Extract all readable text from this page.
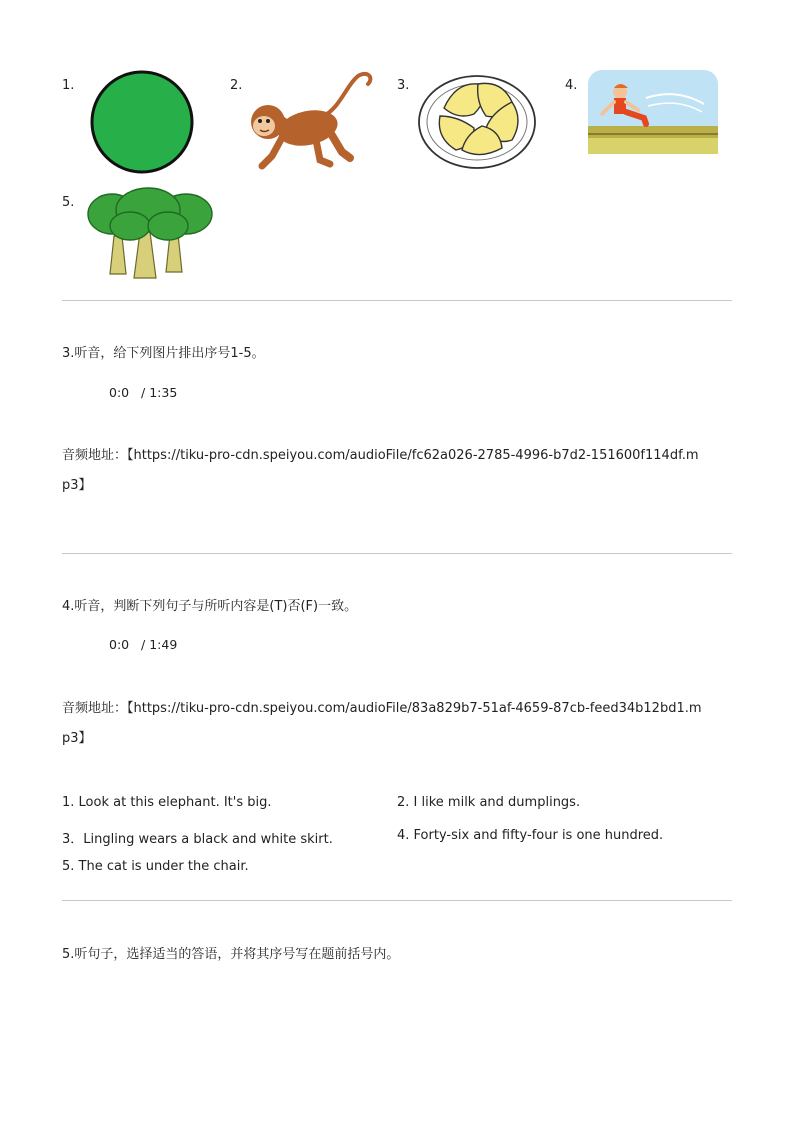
1.	2.	3.	4.
5.
3.听音，给下列图片排出序号1-5。
0:0   / 1:35
音频地址：【https://tiku-pro-cdn.speiyou.com/audioFile/fc62a026-2785-4996-b7d2-151600f114df.mp3】
4.听音，判断下列句子与所听内容是(T)否(F)一致。
0:0   / 1:49
音频地址：【https://tiku-pro-cdn.speiyou.com/audioFile/83a829b7-51af-4659-87cb-feed34b12bd1.mp3】
1. Look at this elephant. It's big.	2. I like milk and dumplings.
3．Lingling wears a black and white skirt.	4. Forty-six and fifty-four is one hundred.
5. The cat is under the chair.
5.听句子，选择适当的答语，并将其序号写在题前括号内。
